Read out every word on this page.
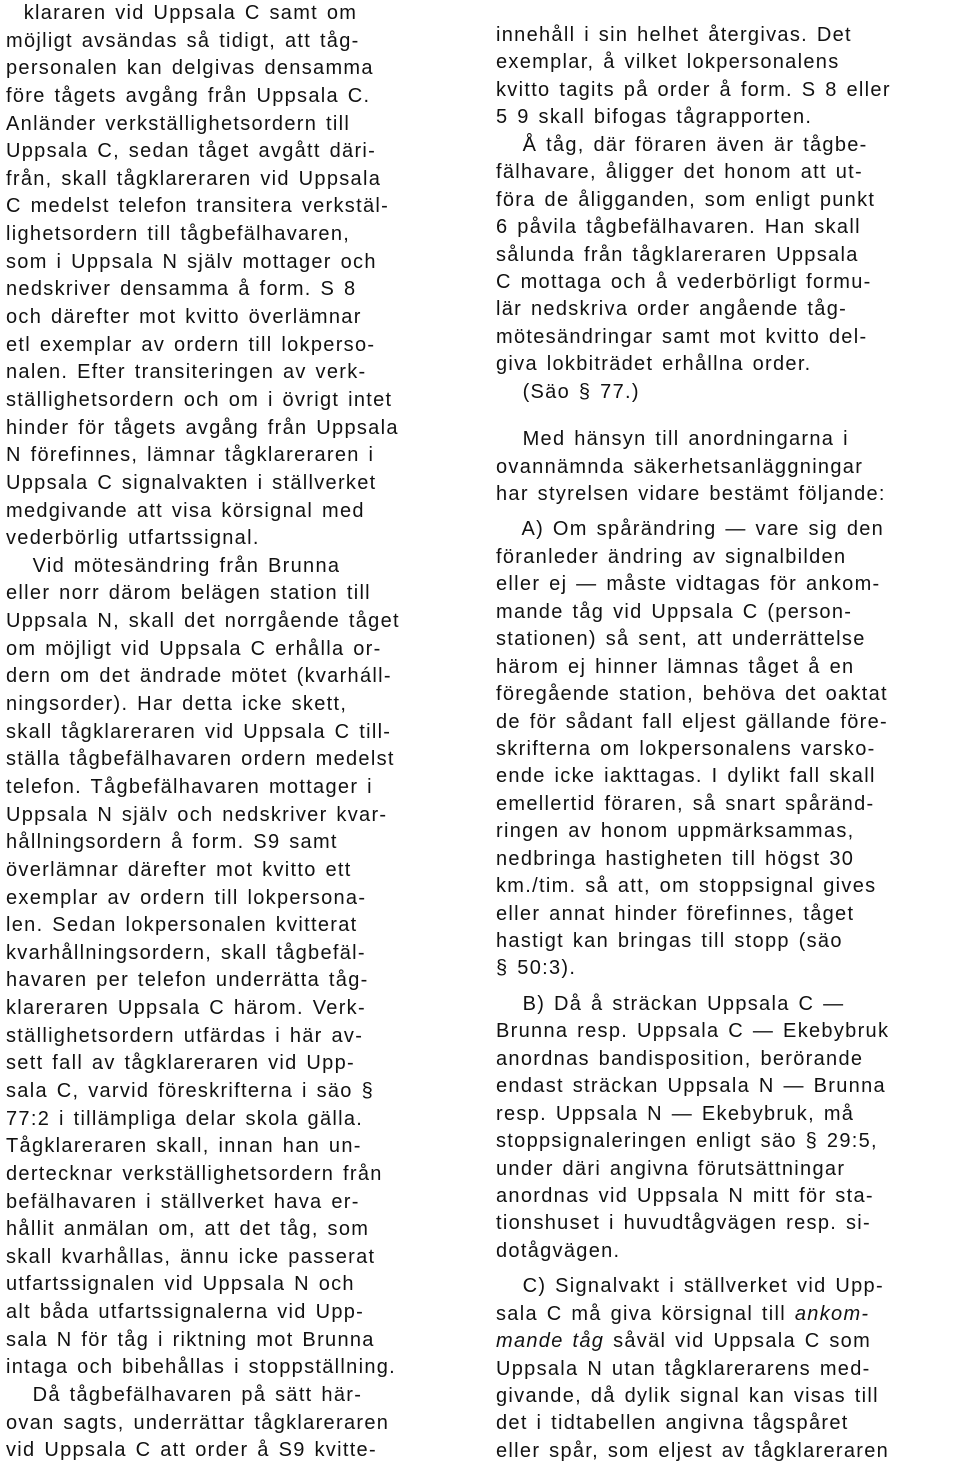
klararen vid Uppsala C samt om
möjligt avsändas så tidigt, att tåg-
personalen kan delgivas densamma
före tågets avgång från Uppsala C.
Anländer verkställighetsordern till
Uppsala C, sedan tåget avgått däri-
från, skall tågklareraren vid Uppsala
C medelst telefon transitera verkstäl-
lighetsordern till tågbefälhavaren,
som i Uppsala N själv mottager och
nedskriver densamma å form. S 8
och därefter mot kvitto överlämnar
etl exemplar av ordern till lokperso-
nalen. Efter transiteringen av verk-
ställighetsordern och om i övrigt intet
hinder för tågets avgång från Uppsala
N förefinnes, lämnar tågklareraren i
Uppsala C signalvakten i ställverket
medgivande att visa körsignal med
vederbörlig utfartssignal.
Vid mötesändring från Brunna
eller norr därom belägen station till
Uppsala N, skall det norrgående tåget
om möjligt vid Uppsala C erhålla or-
dern om det ändrade mötet (kvarháll-
ningsorder). Har detta icke skett,
skall tågklareraren vid Uppsala C till-
ställa tågbefälhavaren ordern medelst
telefon. Tågbefälhavaren mottager i
Uppsala N själv och nedskriver kvar-
hållningsordern å form. S9 samt
överlämnar därefter mot kvitto ett
exemplar av ordern till lokpersona-
len. Sedan lokpersonalen kvitterat
kvarhållningsordern, skall tågbefäl-
havaren per telefon underrätta tåg-
klareraren Uppsala C härom. Verk-
ställighetsordern utfärdas i här av-
sett fall av tågklareraren vid Upp-
sala C, varvid föreskrifterna i säo §
77:2 i tillämpliga delar skola gälla.
Tågklareraren skall, innan han un-
dertecknar verkställighetsordern från
befälhavaren i ställverket hava er-
hållit anmälan om, att det tåg, som
skall kvarhållas, ännu icke passerat
utfartssignalen vid Uppsala N och
alt båda utfartssignalerna vid Upp-
sala N för tåg i riktning mot Brunna
intaga och bibehållas i stoppställning.
Då tågbefälhavaren på sätt här-
ovan sagts, underrättar tågklareraren
vid Uppsala C att order å S9 kvitte-
innehåll i sin helhet återgivas. Det
exemplar, å vilket lokpersonalens
kvitto tagits på order å form. S 8 eller
5 9 skall bifogas tågrapporten.
Å tåg, där föraren även är tågbe-
fälhavare, åligger det honom att ut-
föra de åligganden, som enligt punkt
6 påvila tågbefälhavaren. Han skall
sålunda från tågklareraren Uppsala
C mottaga och å vederbörligt formu-
lär nedskriva order angående tåg-
mötesändringar samt mot kvitto del-
giva lokbiträdet erhållna order.
(Säo § 77.)
Med hänsyn till anordningarna i
ovannämnda säkerhetsanläggningar
har styrelsen vidare bestämt följande:
A) Om spårändring — vare sig den
föranleder ändring av signalbilden
eller ej — måste vidtagas för ankom-
mande tåg vid Uppsala C (person-
stationen) så sent, att underrättelse
härom ej hinner lämnas tåget å en
föregående station, behöva det oaktat
de för sådant fall eljest gällande före-
skrifterna om lokpersonalens varsko-
ende icke iakttagas. I dylikt fall skall
emellertid föraren, så snart spåränd-
ringen av honom uppmärksammas,
nedbringa hastigheten till högst 30
km./tim. så att, om stoppsignal gives
eller annat hinder förefinnes, tåget
hastigt kan bringas till stopp (säo
§ 50:3).
B) Då å sträckan Uppsala C —
Brunna resp. Uppsala C — Ekebybruk
anordnas bandisposition, berörande
endast sträckan Uppsala N — Brunna
resp. Uppsala N — Ekebybruk, må
stoppsignaleringen enligt säo § 29:5,
under däri angivna förutsättningar
anordnas vid Uppsala N mitt för sta-
tionshuset i huvudtågvägen resp. si-
dotågvägen.
C) Signalvakt i ställverket vid Upp-
sala C må giva körsignal till ankom-
mande tåg såväl vid Uppsala C som
Uppsala N utan tågklarerarens med-
givande, då dylik signal kan visas till
det i tidtabellen angivna tågspåret
eller spår, som eljest av tågklareraren
